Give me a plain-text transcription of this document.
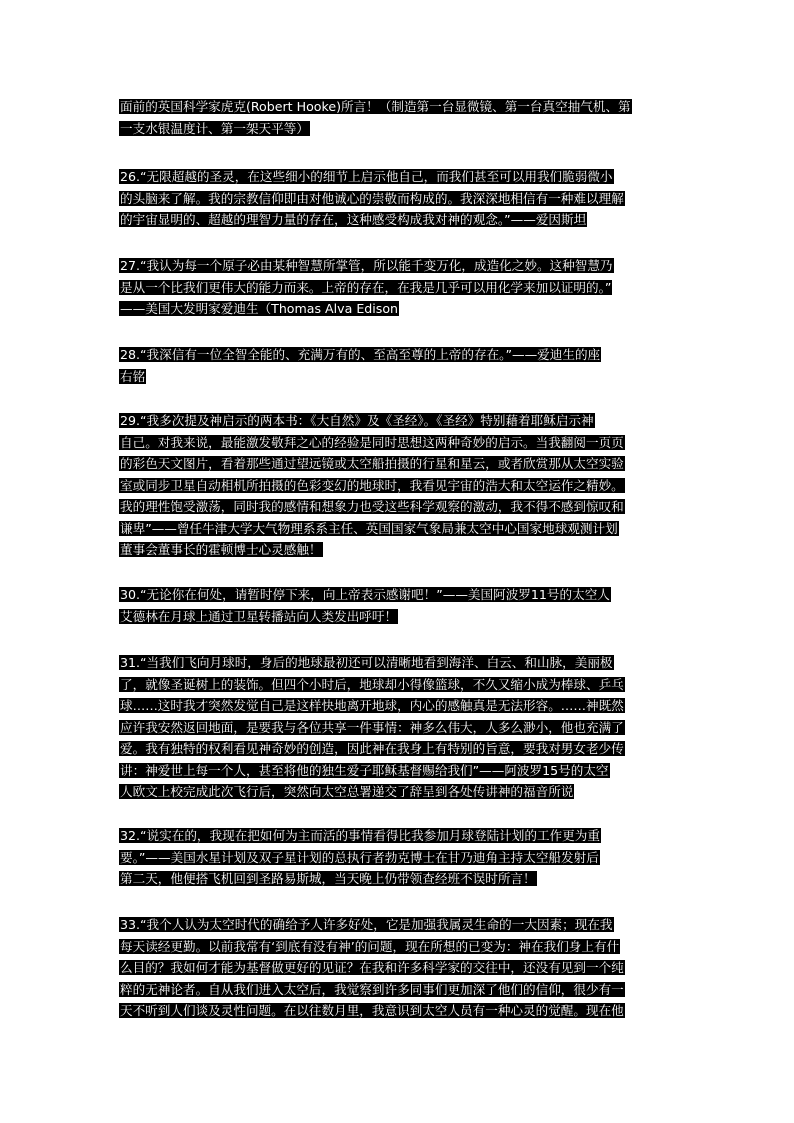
面前的英国科学家虎克(Robert Hooke)所言！（制造第一台显微镜、第一台真空抽气机、第
一支水银温度计、第一架天平等）
26.“无限超越的圣灵，在这些细小的细节上启示他自己，而我们甚至可以用我们脆弱微小
的头脑来了解。我的宗教信仰即由对他诚心的崇敬而构成的。我深深地相信有一种难以理解
的宇宙显明的、超越的理智力量的存在，这种感受构成我对神的观念。”——爱因斯坦
27.“我认为每一个原子必由某种智慧所掌管，所以能千变万化，成造化之妙。这种智慧乃
是从一个比我们更伟大的能力而来。上帝的存在，在我是几乎可以用化学来加以证明的。”
——美国大发明家爱迪生（Thomas Alva Edison
28.“我深信有一位全智全能的、充满万有的、至高至尊的上帝的存在。”——爱迪生的座
右铭
29.“我多次提及神启示的两本书：《大自然》及《圣经》。《圣经》特别藉着耶稣启示神
自己。对我来说，最能激发敬拜之心的经验是同时思想这两种奇妙的启示。当我翻阅一页页
的彩色天文图片，看着那些通过望远镜或太空船拍摄的行星和星云，或者欣赏那从太空实验
室或同步卫星自动相机所拍摄的色彩变幻的地球时，我看见宇宙的浩大和太空运作之精妙。
我的理性饱受激荡，同时我的感情和想象力也受这些科学观察的激动，我不得不感到惊叹和
谦卑”——曾任牛津大学大气物理系系主任、英国国家气象局兼太空中心国家地球观测计划
董事会董事长的霍顿博士心灵感触！
30.“无论你在何处，请暂时停下来，向上帝表示感谢吧！”——美国阿波罗11号的太空人
艾德林在月球上通过卫星转播站向人类发出呼吁！
31.“当我们飞向月球时，身后的地球最初还可以清晰地看到海洋、白云、和山脉，美丽极
了，就像圣诞树上的装饰。但四个小时后，地球却小得像篮球，不久又缩小成为棒球、乒乓
球……这时我才突然发觉自己是这样快地离开地球，内心的感触真是无法形容。……神既然
应许我安然返回地面，是要我与各位共享一件事情：神多么伟大，人多么渺小，他也充满了
爱。我有独特的权利看见神奇妙的创造，因此神在我身上有特别的旨意，要我对男女老少传
讲：神爱世上每一个人，甚至将他的独生爱子耶稣基督赐给我们”——阿波罗15号的太空
人欧文上校完成此次飞行后，突然向太空总署递交了辞呈到各处传讲神的福音所说
32.“说实在的，我现在把如何为主而活的事情看得比我参加月球登陆计划的工作更为重
要。”——美国水星计划及双子星计划的总执行者勃克博士在甘乃迪角主持太空船发射后
第二天，他便搭飞机回到圣路易斯城，当天晚上仍带领查经班不误时所言！
33.“我个人认为太空时代的确给予人许多好处，它是加强我属灵生命的一大因素；现在我
每天读经更勤。以前我常有‘到底有没有神’的问题，现在所想的已变为：神在我们身上有什
么目的？我如何才能为基督做更好的见证？在我和许多科学家的交往中，还没有见到一个纯
粹的无神论者。自从我们进入太空后，我觉察到许多同事们更加深了他们的信仰，很少有一
天不听到人们谈及灵性问题。在以往数月里，我意识到太空人员有一种心灵的觉醒。现在他
